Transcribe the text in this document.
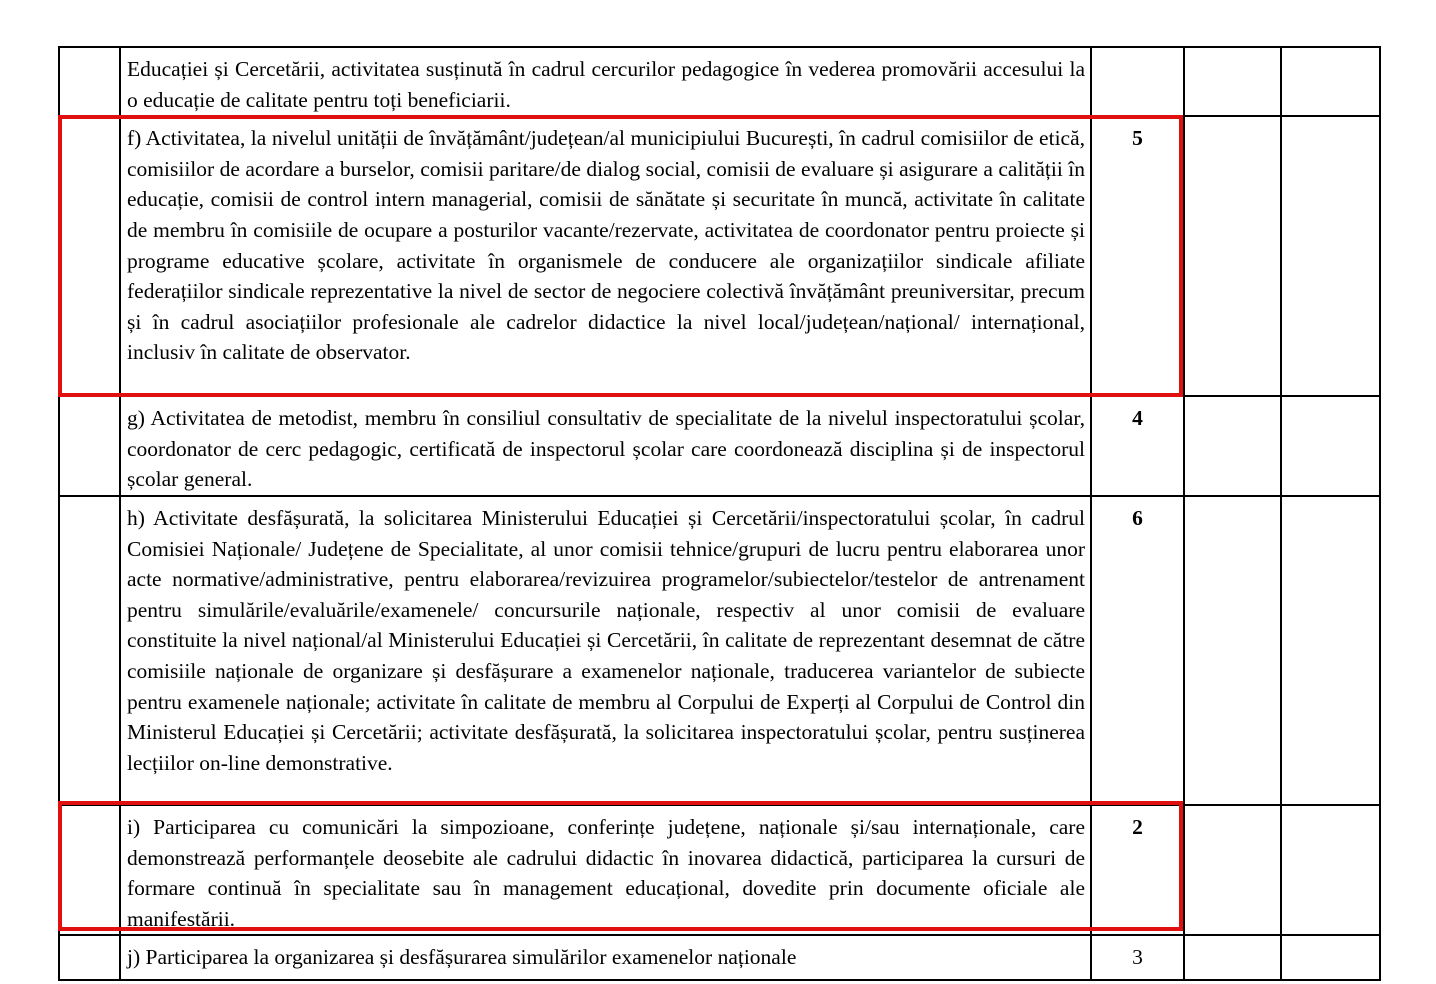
	Educației și Cercetării, activitatea susținută în cadrul cercurilor pedagogice în vederea promovării accesului la o educație de calitate pentru toți beneficiarii.			

	f) Activitatea, la nivelul unității de învățământ/județean/al municipiului București, în cadrul comisiilor de etică, comisiilor de acordare a burselor, comisii paritare/de dialog social, comisii de evaluare și asigurare a calității în educație, comisii de control intern managerial, comisii de sănătate și securitate în muncă, activitate în calitate de membru în comisiile de ocupare a posturilor vacante/rezervate, activitatea de coordonator pentru proiecte și programe educative școlare, activitate în organismele de conducere ale organizațiilor sindicale afiliate federațiilor sindicale reprezentative la nivel de sector de negociere colectivă învățământ preuniversitar, precum și în cadrul asociațiilor profesionale ale cadrelor didactice la nivel local/județean/național/ internațional, inclusiv în calitate de observator.	5		

	g) Activitatea de metodist, membru în consiliul consultativ de specialitate de la nivelul inspectoratului școlar, coordonator de cerc pedagogic, certificată de inspectorul școlar care coordonează disciplina și de inspectorul școlar general.	4		

	h) Activitate desfășurată, la solicitarea Ministerului Educației și Cercetării/inspectoratului școlar, în cadrul Comisiei Naționale/ Județene de Specialitate, al unor comisii tehnice/grupuri de lucru pentru elaborarea unor acte normative/administrative, pentru elaborarea/revizuirea programelor/subiectelor/testelor de antrenament pentru simulările/evaluările/examenele/ concursurile naționale, respectiv al unor comisii de evaluare constituite la nivel național/al Ministerului Educației și Cercetării, în calitate de reprezentant desemnat de către comisiile naționale de organizare și desfășurare a examenelor naționale, traducerea variantelor de subiecte pentru examenele naționale; activitate în calitate de membru al Corpului de Experți al Corpului de Control din Ministerul Educației și Cercetării; activitate desfășurată, la solicitarea inspectoratului școlar, pentru susținerea lecțiilor on-line demonstrative.	6		

	i) Participarea cu comunicări la simpozioane, conferințe județene, naționale și/sau internaționale, care demonstrează performanțele deosebite ale cadrului didactic în inovarea didactică, participarea la cursuri de formare continuă în specialitate sau în management educațional, dovedite prin documente oficiale ale manifestării.	2		

	j) Participarea la organizarea și desfășurarea simulărilor examenelor naționale	3		
